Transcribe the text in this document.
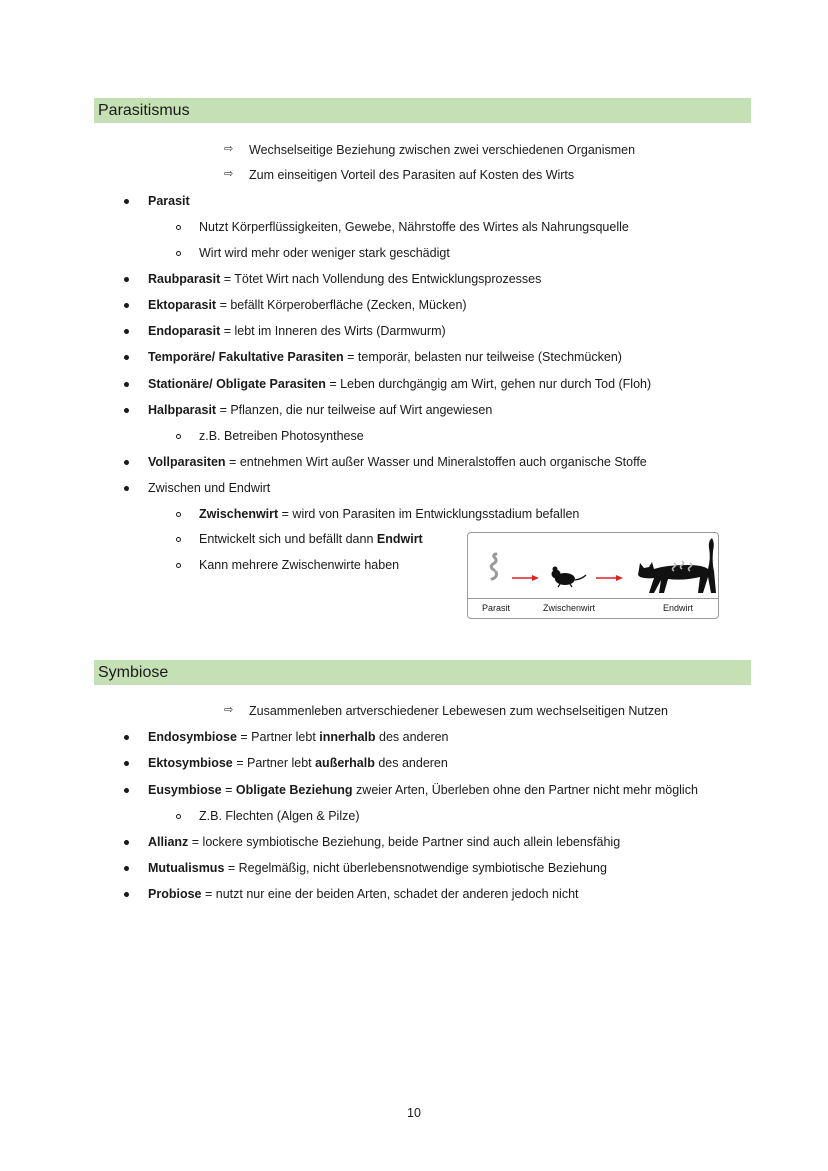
Parasitismus
⇨ Wechselseitige Beziehung zwischen zwei verschiedenen Organismen
⇨ Zum einseitigen Vorteil des Parasiten auf Kosten des Wirts
Parasit
Nutzt Körperflüssigkeiten, Gewebe, Nährstoffe des Wirtes als Nahrungsquelle
Wirt wird mehr oder weniger stark geschädigt
Raubparasit = Tötet Wirt nach Vollendung des Entwicklungsprozesses
Ektoparasit = befällt Körperoberfläche (Zecken, Mücken)
Endoparasit = lebt im Inneren des Wirts (Darmwurm)
Temporäre/ Fakultative Parasiten = temporär, belasten nur teilweise (Stechmücken)
Stationäre/ Obligate Parasiten = Leben durchgängig am Wirt, gehen nur durch Tod (Floh)
Halbparasit = Pflanzen, die nur teilweise auf Wirt angewiesen
z.B. Betreiben Photosynthese
Vollparasiten = entnehmen Wirt außer Wasser und Mineralstoffen auch organische Stoffe
Zwischen und Endwirt
Zwischenwirt = wird von Parasiten im Entwicklungsstadium befallen
Entwickelt sich und befällt dann Endwirt
Kann mehrere Zwischenwirte haben
Parasit	Zwischenwirt	Endwirt
Symbiose
⇨ Zusammenleben artverschiedener Lebewesen zum wechselseitigen Nutzen
Endosymbiose = Partner lebt innerhalb des anderen
Ektosymbiose = Partner lebt außerhalb des anderen
Eusymbiose = Obligate Beziehung zweier Arten, Überleben ohne den Partner nicht mehr möglich
Z.B. Flechten (Algen & Pilze)
Allianz = lockere symbiotische Beziehung, beide Partner sind auch allein lebensfähig
Mutualismus = Regelmäßig, nicht überlebensnotwendige symbiotische Beziehung
Probiose = nutzt nur eine der beiden Arten, schadet der anderen jedoch nicht
10
